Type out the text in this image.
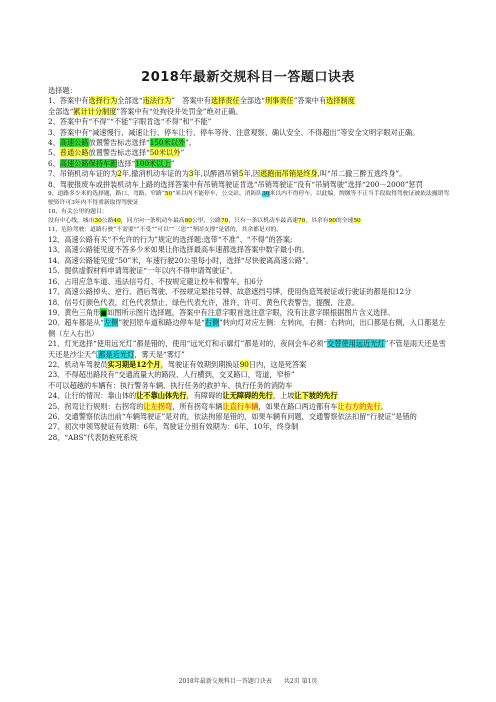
2018年最新交规科目一答题口诀表

选择题：

1、答案中有选择行为全部选“违法行为”　答案中有选择责任全部选“刑事责任”答案中有选择制度

全部选“累计计分制度”答案中有“处拘役并处罚金”绝对正确。

2、答案中有“不得”“不能”字眼肯选“不得”和“不能”

3、答案中有“减速慢行、减速让行、停车让行、停车等待、注意观察、确认安全、不得超出”等安全文明字眼对正确。

4、高速公路放置警告标志选择“150米以外”。

5、普通公路放置警告标志选择“50米以外”

6、高速公路保持车距选择“100米以上”

7、吊销机动车证的为2年,撤消机动车证的为3年,以醉酒吊销5年,因逃跑而吊销是终身,叫“吊二撤三醉五逃终身”。

8、驾驶报废车或拼装机动车上路的选择答案中有吊销驾驶证肯选“吊销驾驶证”没有“吊销驾驶”选择“200－2000”惩罚

9、道路多少米的选择题，路口、弯路、窄路“50”米以内不能停车，公交站、消防队30米以内不得停车，以此编，牌缴等不正当手段取得驾驶证被依法撤销驾驶资许可3年内不得重新取得驾驶证

10、有关公里的题目：

没有中心线，城市30公路40，同方向一条机动车最高80公里，公路70，只有一条以机动车最高速70，其余有90的全速50

11、危险驾驶：道路行驶“不需要”“不受”“可以”“三思”“坚固支撑”是错的，其余都是对的。

12、高速公路有关“不允许的行为”规定的选择题:选带“不准”、“不得”的答案;

13、高速公路能见度不答多少米如果让你选择最高车速都选择答案中数字最小的。

14、高速公路能见度“50”米，车速行驶20公里每小时，选择“尽快驶离高速公路”。

15、提供虚假材料申请驾驶证“一年以内不得申请驾驶证”。

16、占用应急车道、违法信号灯、不按规定避让校车和警车，扣6分

17、高速公路掉头、逆行、酒后驾驶、不按规定悬挂号牌、故意遮挡号牌，使用伪造驾驶证或行驶证的都是扣12分

18、信号灯颜色代表，红色代表禁止、绿色代表允许，准许，许可、黄色代表警告，提醒，注意。

19、黄色三角形■如图所示图片选择题，答案中有注意字眼首选注意字眼，没有注意字眼根据图片含义选择。

20、超车都是从“左侧”驶回原车道和路边停车是“右侧”转向灯对应左侧：左转向，右侧：右转向，出口都是右侧，入口都是左侧（左入右出）

21、灯光选择“使用远光灯”都是错的，使用“远光灯和示廓灯”都是对的，夜间会车必须“交替使用远近光灯”不管是雨天还是雪天还是沙尘天气都是近光灯，雾天是“雾灯”

22、机动车驾驶员实习期是12个月，驾驶证有效期到期换证90日内，这是死答案

23、不得超出路段有“交通流量大的路段、人行横到，交叉路口，弯道，窄桥”

不可以超越的车辆有：执行警务车辆、执行任务的救护车、执行任务的消防车

24、让行的情况：靠山体的让不靠山体先行，有障碍的让无障碍的先行，上坡让下坡的先行

25、拐弯让行规则：右拐弯的让左拐弯，所有拐弯车辆让直行车辆，如果在路口两边都有车让右方的先行。

26、交通警察依法出前“车辆驾驶证”是对的，依法拘留是错的，如果车辆有问题，交通警察依法扣留“行驶证”是错的

27、初次申领驾驶证有效期：6年，驾驶证分别有效期为：6年，10年，终身制

28、“ABS”代表防抱死系统

2018年最新交规科目一答题口诀表　　共2页 第1页
